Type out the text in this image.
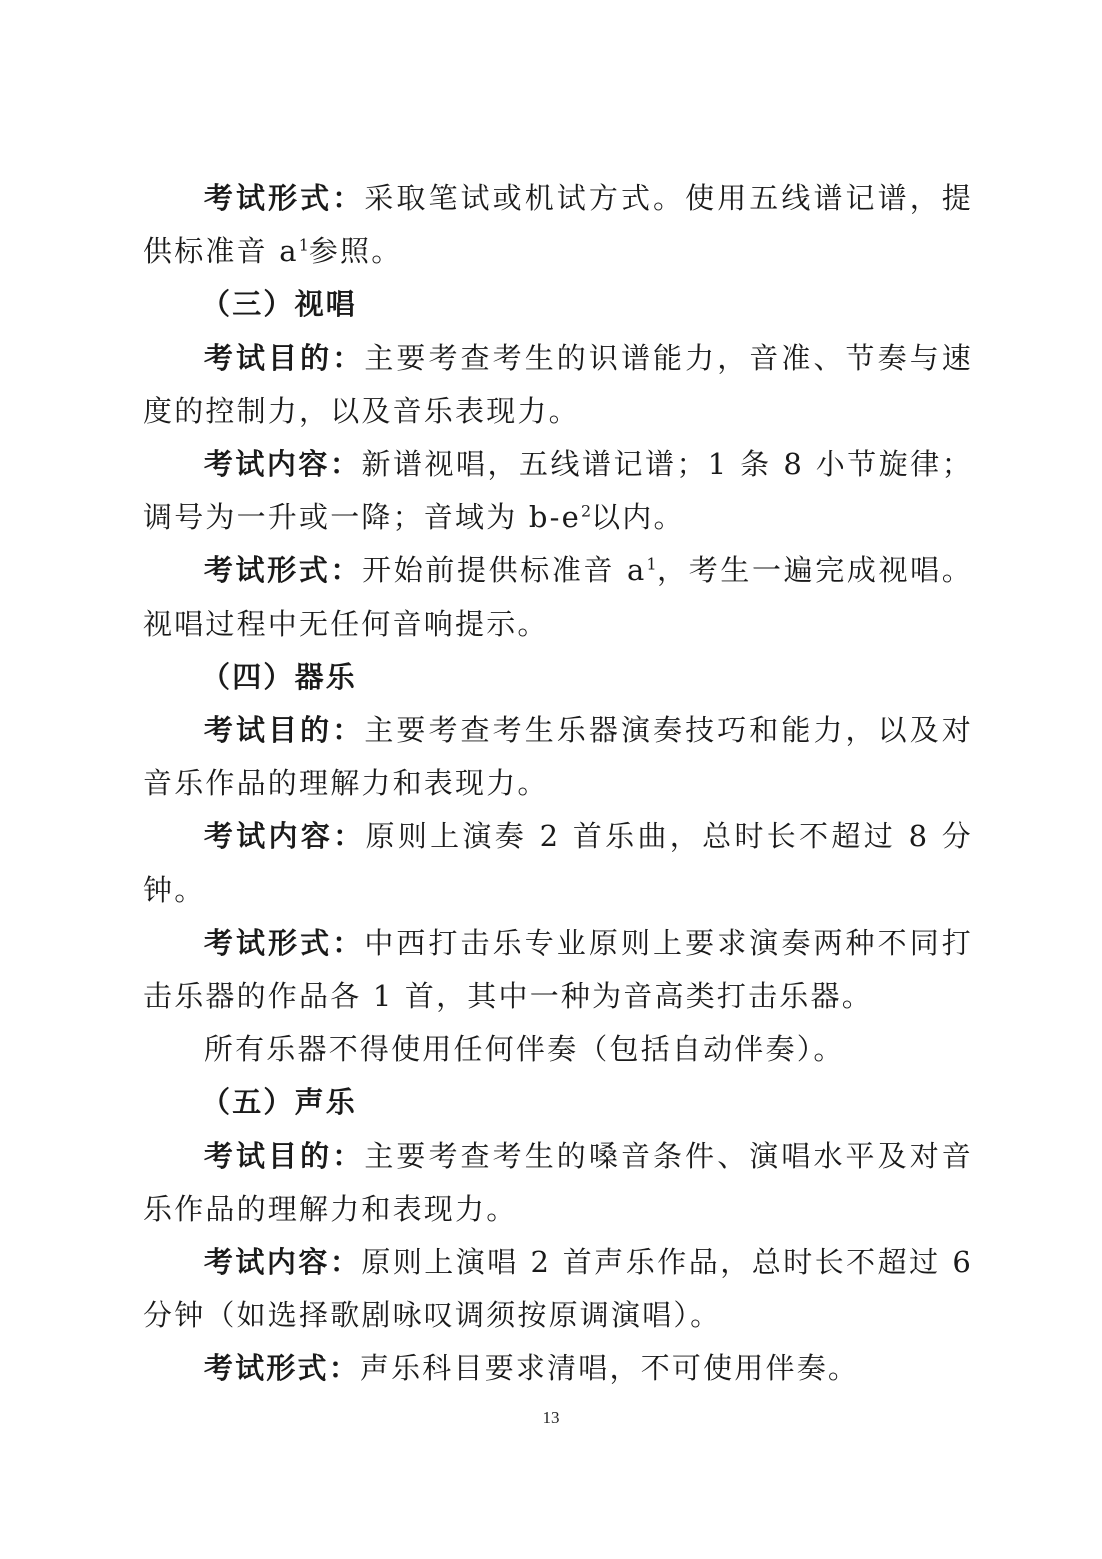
考试形式：采取笔试或机试方式。使用五线谱记谱，提供标准音 $a^1$参照。

（三）视唱

考试目的：主要考查考生的识谱能力，音准、节奏与速度的控制力，以及音乐表现力。

考试内容：新谱视唱，五线谱记谱；1 条 8 小节旋律；调号为一升或一降；音域为 $b-e^2$以内。

考试形式：开始前提供标准音 $a^1$，考生一遍完成视唱。视唱过程中无任何音响提示。

（四）器乐

考试目的：主要考查考生乐器演奏技巧和能力，以及对音乐作品的理解力和表现力。

考试内容：原则上演奏 2 首乐曲，总时长不超过 8 分钟。

考试形式：中西打击乐专业原则上要求演奏两种不同打击乐器的作品各 1 首，其中一种为音高类打击乐器。

所有乐器不得使用任何伴奏（包括自动伴奏）。

（五）声乐

考试目的：主要考查考生的嗓音条件、演唱水平及对音乐作品的理解力和表现力。

考试内容：原则上演唱 2 首声乐作品，总时长不超过 6 分钟（如选择歌剧咏叹调须按原调演唱）。

考试形式：声乐科目要求清唱，不可使用伴奏。

13
